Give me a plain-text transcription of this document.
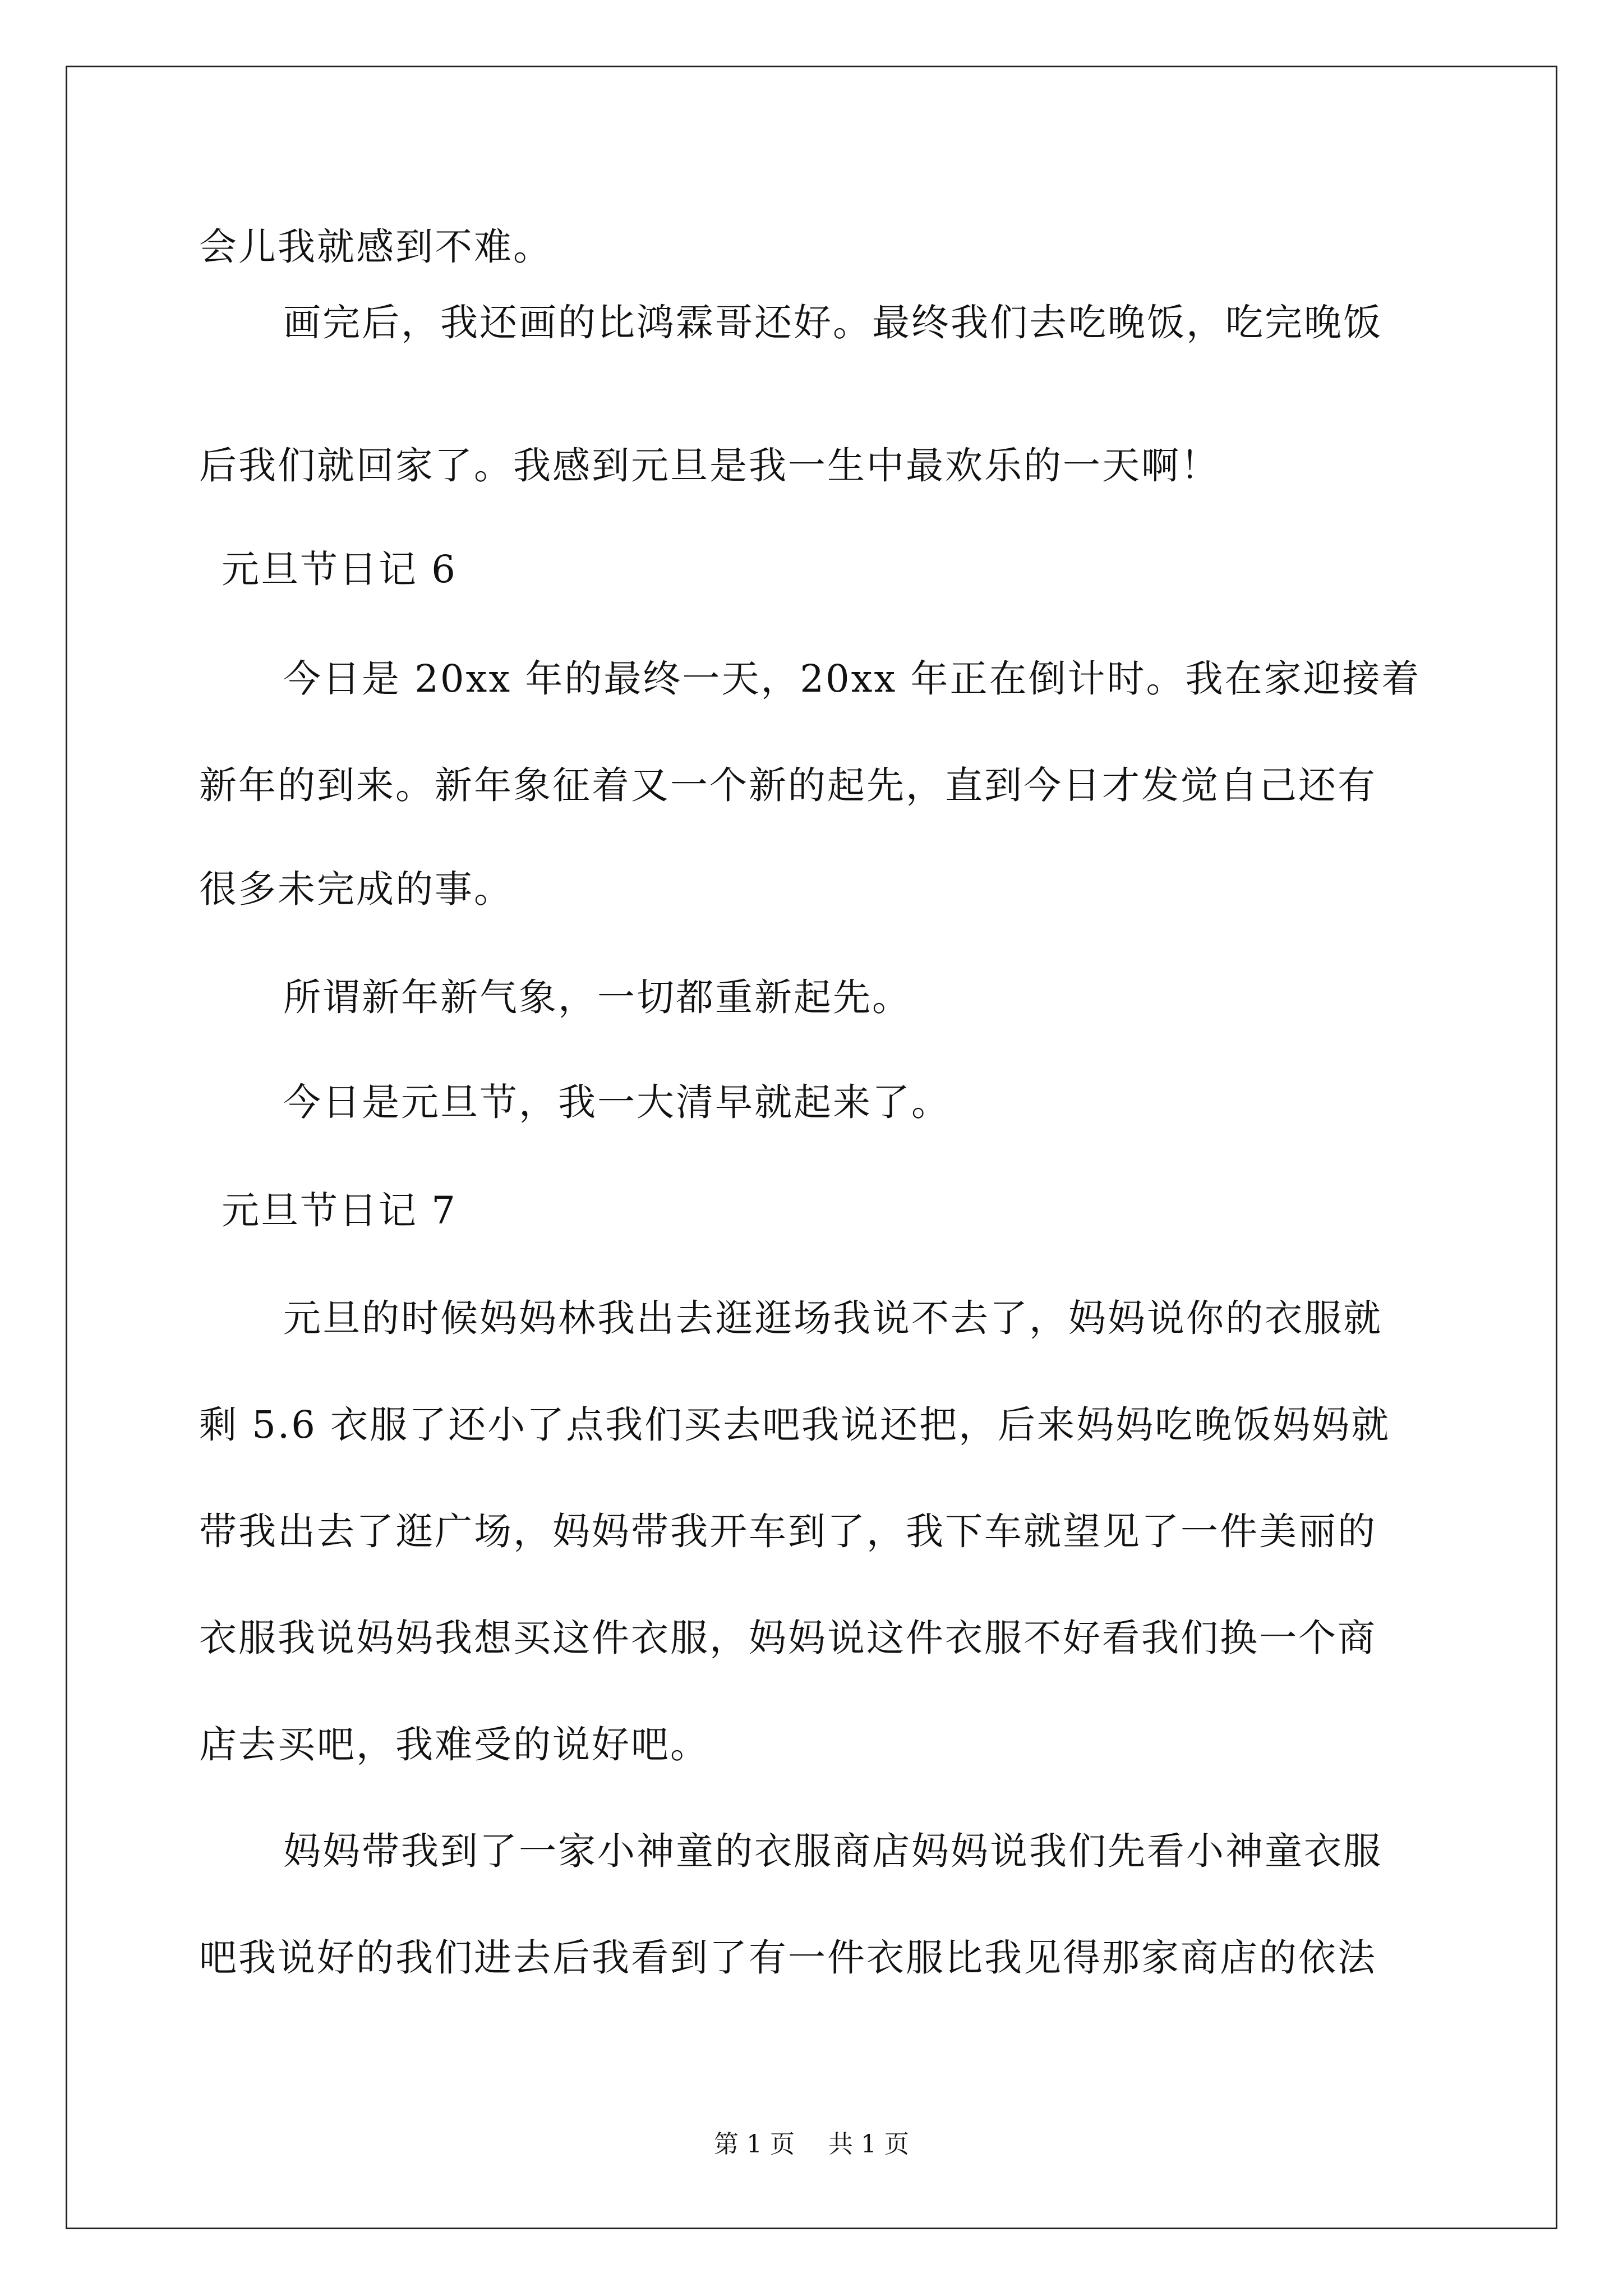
会儿我就感到不难。
画完后，我还画的比鸿霖哥还好。最终我们去吃晚饭，吃完晚饭
后我们就回家了。我感到元旦是我一生中最欢乐的一天啊！
元旦节日记 6
今日是 20xx 年的最终一天，20xx 年正在倒计时。我在家迎接着
新年的到来。新年象征着又一个新的起先，直到今日才发觉自己还有
很多未完成的事。
所谓新年新气象，一切都重新起先。
今日是元旦节，我一大清早就起来了。
元旦节日记 7
元旦的时候妈妈林我出去逛逛场我说不去了，妈妈说你的衣服就
剩 5.6 衣服了还小了点我们买去吧我说还把，后来妈妈吃晚饭妈妈就
带我出去了逛广场，妈妈带我开车到了，我下车就望见了一件美丽的
衣服我说妈妈我想买这件衣服，妈妈说这件衣服不好看我们换一个商
店去买吧，我难受的说好吧。
妈妈带我到了一家小神童的衣服商店妈妈说我们先看小神童衣服
吧我说好的我们进去后我看到了有一件衣服比我见得那家商店的依法
第 1 页 共 1 页
